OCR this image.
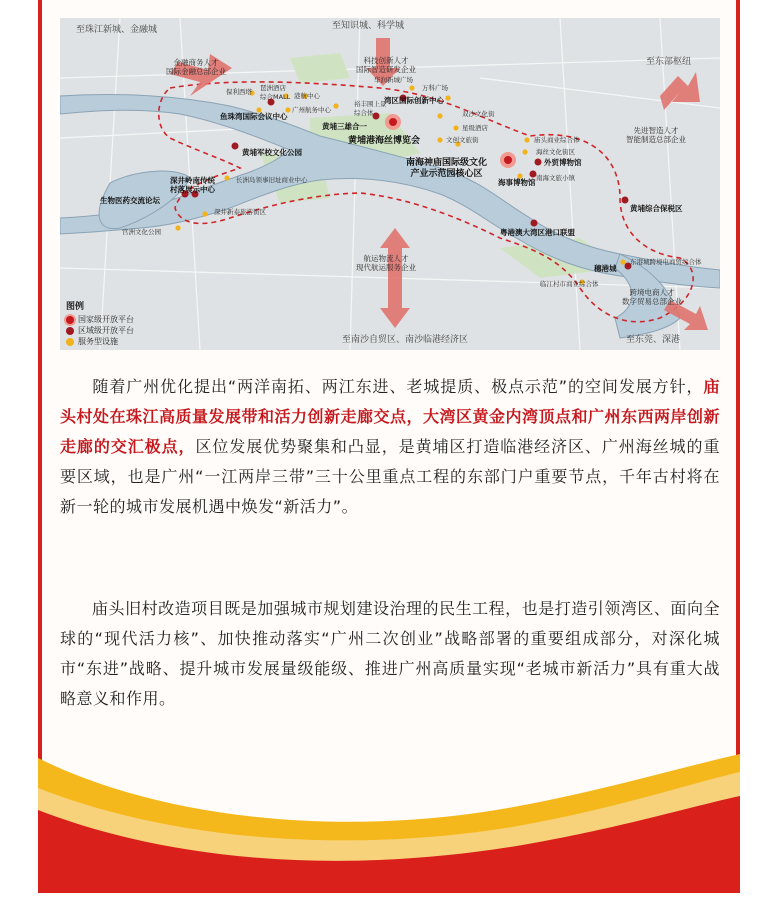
至珠江新城、金融城	至知识城、科学城
至东部枢纽
至南沙自贸区、南沙临港经济区	至东莞、深港
金融商务人才
国际金融总部企业
科技创新人才
国际智造研发企业
先进智造人才
智能制造总部企业
航运物流人才
现代航运服务企业
跨境电商人才
数字贸易总部企业
鱼珠湾国际会议中心
黄埔三雄合一
黄埔港海丝博览会
湾区国际创新中心
黄埔军校文化公园
深井岭南传统
村落展示中心
生物医药交流论坛
南海神庙国际级文化
产业示范园核心区
海事博物馆
外贸博物馆
黄埔综合保税区
粤港澳大湾区港口联盟
穗港城
琶洲酒店
综合MALL
保利西塔	港航中心
广州航务中心
万科广场
华润新城广场
裕丰围上景
综合体	双沙文化街
文创文旅街
星级酒店
庙头商业综合体
海丝文化街区
南海文旅小镇
长洲岛领事旧址商业中心
深井新泰旅游街区
官洲文化公园
东港城跨境电商贸综合体
临江村市商业综合体
图例
国家级开放平台
区域级开放平台
服务型设施
随着广州优化提出“两洋南拓、两江东进、老城提质、极点示范”的空间发展方针，庙头村处在珠江高质量发展带和活力创新走廊交点，大湾区黄金内湾顶点和广州东西两岸创新走廊的交汇极点，区位发展优势聚集和凸显，是黄埔区打造临港经济区、广州海丝城的重要区域，也是广州“一江两岸三带”三十公里重点工程的东部门户重要节点，千年古村将在新一轮的城市发展机遇中焕发“新活力”。
庙头旧村改造项目既是加强城市规划建设治理的民生工程，也是打造引领湾区、面向全球的“现代活力核”、加快推动落实“广州二次创业”战略部署的重要组成部分，对深化城市“东进”战略、提升城市发展量级能级、推进广州高质量实现“老城市新活力”具有重大战略意义和作用。
